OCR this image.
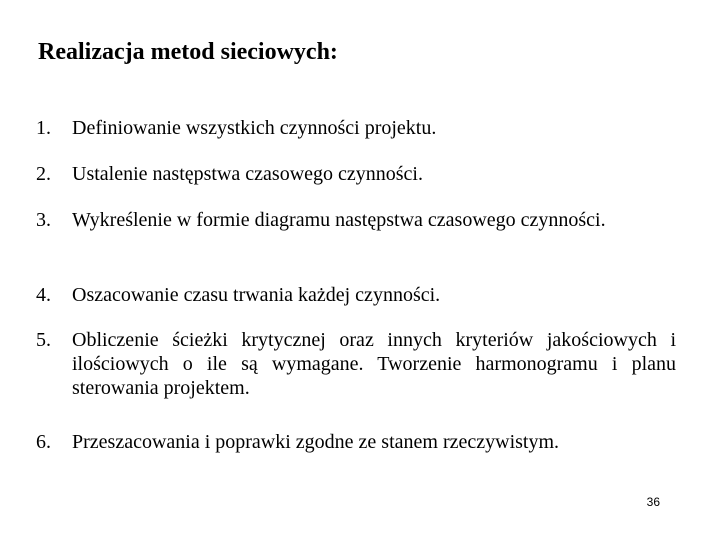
Realizacja metod sieciowych:
1.	Definiowanie wszystkich czynności projektu.
2.	Ustalenie następstwa czasowego czynności.
3.	Wykreślenie w formie diagramu następstwa czasowego czynności.
4.	Oszacowanie czasu trwania każdej czynności.
5.	Obliczenie ścieżki krytycznej oraz innych kryteriów jakościowych i ilościowych o ile są wymagane. Tworzenie harmonogramu i planu sterowania projektem.
6.	Przeszacowania i poprawki zgodne ze stanem rzeczywistym.
36
